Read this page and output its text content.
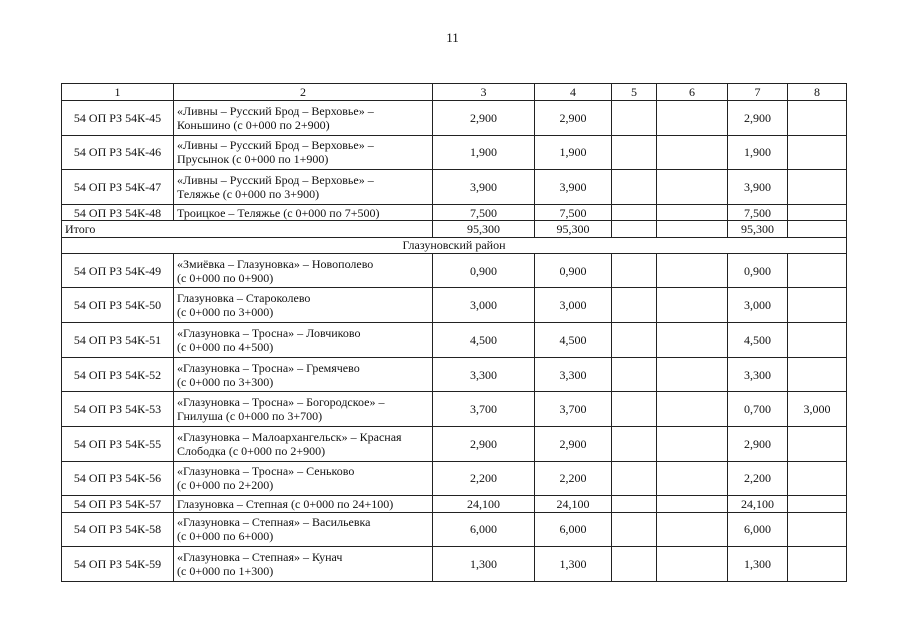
11
1	2	3	4	5	6	7	8
54 ОП РЗ 54К-45	«Ливны – Русский Брод – Верховье» –
Коньшино (с 0+000 по 2+900)	2,900	2,900			2,900	
54 ОП РЗ 54К-46	«Ливны – Русский Брод – Верховье» –
Прусынок (с 0+000 по 1+900)	1,900	1,900			1,900	
54 ОП РЗ 54К-47	«Ливны – Русский Брод – Верховье» –
Теляжье (с 0+000 по 3+900)	3,900	3,900			3,900	
54 ОП РЗ 54К-48	Троицкое – Теляжье (с 0+000 по 7+500)	7,500	7,500			7,500	
Итого		95,300	95,300			95,300	
Глазуновский район							
54 ОП РЗ 54К-49	«Змиёвка – Глазуновка» – Новополево
(с 0+000 по 0+900)	0,900	0,900			0,900	
54 ОП РЗ 54К-50	Глазуновка – Староколево
(с 0+000 по 3+000)	3,000	3,000			3,000	
54 ОП РЗ 54К-51	«Глазуновка – Тросна» – Ловчиково
(с 0+000 по 4+500)	4,500	4,500			4,500	
54 ОП РЗ 54К-52	«Глазуновка – Тросна» – Гремячево
(с 0+000 по 3+300)	3,300	3,300			3,300	
54 ОП РЗ 54К-53	«Глазуновка – Тросна» – Богородское» –
Гнилуша (с 0+000 по 3+700)	3,700	3,700			0,700	3,000
54 ОП РЗ 54К-55	«Глазуновка – Малоархангельск» – Красная
Слободка (с 0+000 по 2+900)	2,900	2,900			2,900	
54 ОП РЗ 54К-56	«Глазуновка – Тросна» – Сеньково
(с 0+000 по 2+200)	2,200	2,200			2,200	
54 ОП РЗ 54К-57	Глазуновка – Степная (с 0+000 по 24+100)	24,100	24,100			24,100	
54 ОП РЗ 54К-58	«Глазуновка – Степная» – Васильевка
(с 0+000 по 6+000)	6,000	6,000			6,000	
54 ОП РЗ 54К-59	«Глазуновка – Степная» – Кунач
(с 0+000 по 1+300)	1,300	1,300			1,300	
